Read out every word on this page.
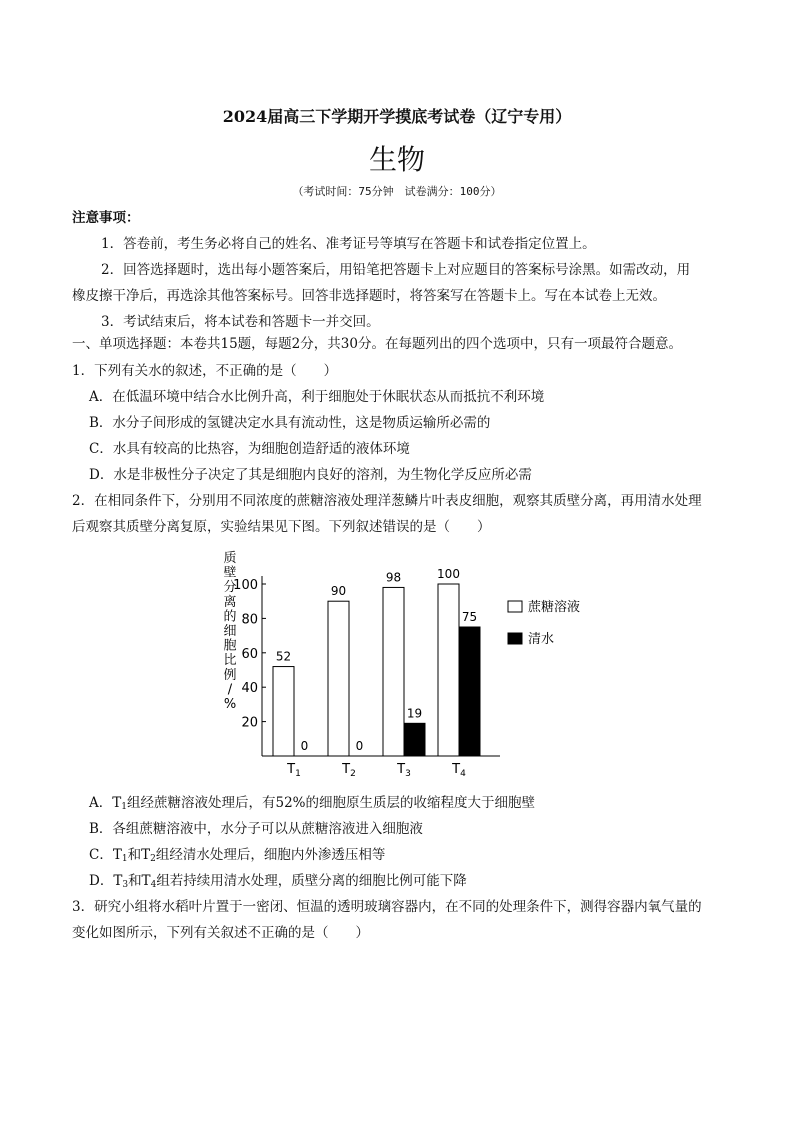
2024届高三下学期开学摸底考试卷（辽宁专用）
生物
（考试时间：75分钟　试卷满分：100分）
注意事项：
1．答卷前，考生务必将自己的姓名、准考证号等填写在答题卡和试卷指定位置上。
2．回答选择题时，选出每小题答案后，用铅笔把答题卡上对应题目的答案标号涂黑。如需改动，用
橡皮擦干净后，再选涂其他答案标号。回答非选择题时，将答案写在答题卡上。写在本试卷上无效。
3．考试结束后，将本试卷和答题卡一并交回。
一、单项选择题：本卷共15题，每题2分，共30分。在每题列出的四个选项中，只有一项最符合题意。
1．下列有关水的叙述，不正确的是（　　）
A．在低温环境中结合水比例升高，利于细胞处于休眠状态从而抵抗不利环境
B．水分子间形成的氢键决定水具有流动性，这是物质运输所必需的
C．水具有较高的比热容，为细胞创造舒适的液体环境
D．水是非极性分子决定了其是细胞内良好的溶剂，为生物化学反应所必需
2．在相同条件下，分别用不同浓度的蔗糖溶液处理洋葱鳞片叶表皮细胞，观察其质壁分离，再用清水处理
后观察其质壁分离复原，实验结果见下图。下列叙述错误的是（　　）
质
壁
分
离
的
细
胞
比
例
/
%
20
40
60
80
100
52
0
90
0
98
19
100
75
$T_1$	$T_2$	$T_3$	$T_4$
蔗糖溶液
清水
A．$T_1$组经蔗糖溶液处理后，有52%的细胞原生质层的收缩程度大于细胞壁
B．各组蔗糖溶液中，水分子可以从蔗糖溶液进入细胞液
C．$T_1$和$T_2$组经清水处理后，细胞内外渗透压相等
D．$T_3$和$T_4$组若持续用清水处理，质壁分离的细胞比例可能下降
3．研究小组将水稻叶片置于一密闭、恒温的透明玻璃容器内，在不同的处理条件下，测得容器内氧气量的
变化如图所示，下列有关叙述不正确的是（　　）
